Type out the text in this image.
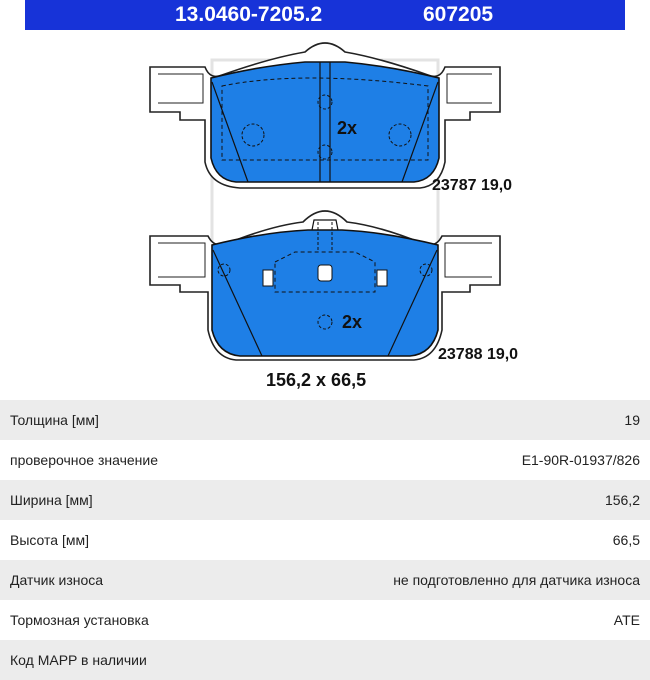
13.0460-7205.2	607205
2x
23787 19,0
2x
23788 19,0
156,2 x 66,5
Толщина [мм]	19
проверочное значение	E1-90R-01937/826
Ширина [мм]	156,2
Высота [мм]	66,5
Датчик износа	не подготовленно для датчика износа
Тормозная установка	ATE
Код MAPP в наличии	
